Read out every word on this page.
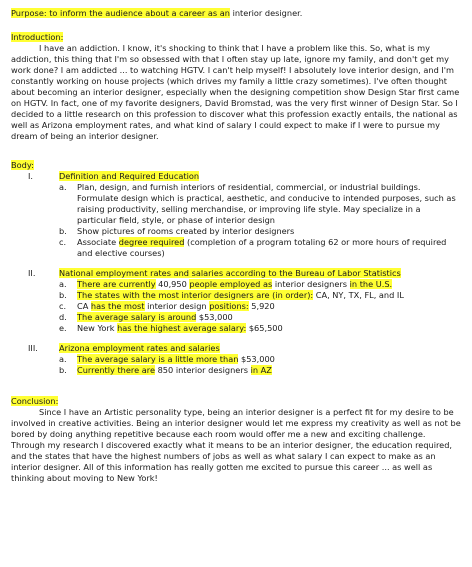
Purpose: to inform the audience about a career as an interior designer.

Introduction:

I have an addiction. I know, it's shocking to think that I have a problem like this. So, what is my addiction, this thing that I'm so obsessed with that I often stay up late, ignore my family, and don't get my work done? I am addicted ... to watching HGTV. I can't help myself! I absolutely love interior design, and I'm constantly working on house projects (which drives my family a little crazy sometimes). I've often thought about becoming an interior designer, especially when the designing competition show Design Star first came on HGTV. In fact, one of my favorite designers, David Bromstad, was the very first winner of Design Star. So I decided to a little research on this profession to discover what this profession exactly entails, the national as well as Arizona employment rates, and what kind of salary I could expect to make if I were to pursue my dream of being an interior designer.

Body:
I.	Definition and Required Education
a. Plan, design, and furnish interiors of residential, commercial, or industrial buildings. Formulate design which is practical, aesthetic, and conducive to intended purposes, such as raising productivity, selling merchandise, or improving life style. May specialize in a particular field, style, or phase of interior design
b. Show pictures of rooms created by interior designers
c. Associate degree required (completion of a program totaling 62 or more hours of required and elective courses)
II.	National employment rates and salaries according to the Bureau of Labor Statistics
a. There are currently 40,950 people employed as interior designers in the U.S.
b. The states with the most interior designers are (in order): CA, NY, TX, FL, and IL
c. CA has the most interior design positions: 5,920
d. The average salary is around $53,000
e. New York has the highest average salary: $65,500
III.	Arizona employment rates and salaries
a. The average salary is a little more than $53,000
b. Currently there are 850 interior designers in AZ
Conclusion:

Since I have an Artistic personality type, being an interior designer is a perfect fit for my desire to be involved in creative activities. Being an interior designer would let me express my creativity as well as not be bored by doing anything repetitive because each room would offer me a new and exciting challenge. Through my research I discovered exactly what it means to be an interior designer, the education required, and the states that have the highest numbers of jobs as well as what salary I can expect to make as an interior designer. All of this information has really gotten me excited to pursue this career ... as well as thinking about moving to New York!
